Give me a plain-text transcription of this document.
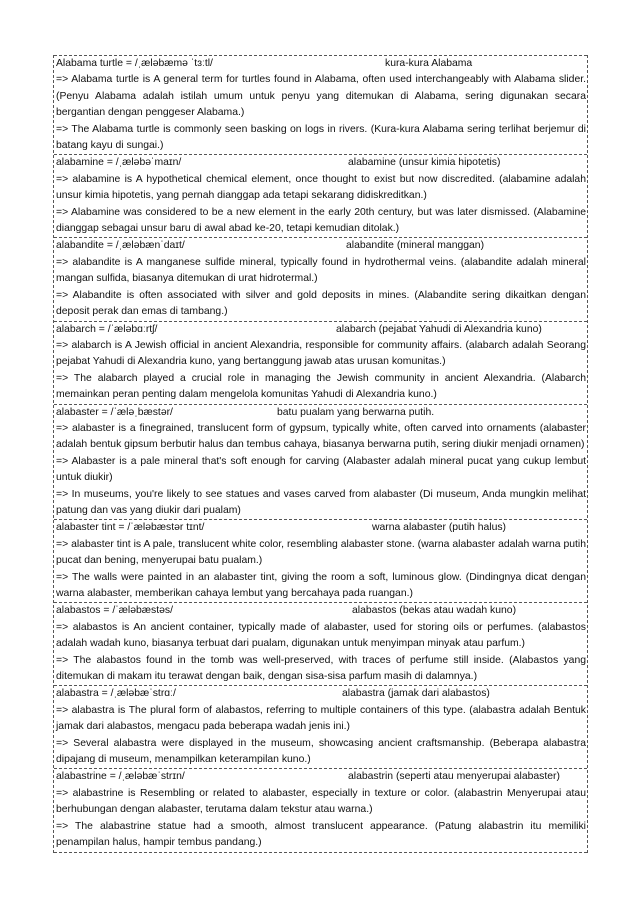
Alabama turtle = /ˌæləbæmə ˈtɜːtl/	kura-kura Alabama
=> Alabama turtle is A general term for turtles found in Alabama, often used interchangeably with Alabama slider. (Penyu Alabama adalah istilah umum untuk penyu yang ditemukan di Alabama, sering digunakan secara bergantian dengan penggeser Alabama.)
=> The Alabama turtle is commonly seen basking on logs in rivers. (Kura-kura Alabama sering terlihat berjemur di batang kayu di sungai.)
alabamine = /ˌæləbəˈmaɪn/	alabamine (unsur kimia hipotetis)
=> alabamine is A hypothetical chemical element, once thought to exist but now discredited. (alabamine adalah unsur kimia hipotetis, yang pernah dianggap ada tetapi sekarang didiskreditkan.)
=> Alabamine was considered to be a new element in the early 20th century, but was later dismissed. (Alabamine dianggap sebagai unsur baru di awal abad ke-20, tetapi kemudian ditolak.)
alabandite = /ˌæləbænˈdaɪt/	alabandite (mineral manggan)
=> alabandite is A manganese sulfide mineral, typically found in hydrothermal veins. (alabandite adalah mineral mangan sulfida, biasanya ditemukan di urat hidrotermal.)
=> Alabandite is often associated with silver and gold deposits in mines. (Alabandite sering dikaitkan dengan deposit perak dan emas di tambang.)
alabarch = /ˈæləbɑːrtʃ/	alabarch (pejabat Yahudi di Alexandria kuno)
=> alabarch is A Jewish official in ancient Alexandria, responsible for community affairs. (alabarch adalah Seorang pejabat Yahudi di Alexandria kuno, yang bertanggung jawab atas urusan komunitas.)
=> The alabarch played a crucial role in managing the Jewish community in ancient Alexandria. (Alabarch memainkan peran penting dalam mengelola komunitas Yahudi di Alexandria kuno.)
alabaster = /ˈæləˌbæstər/	batu pualam yang berwarna putih.
=> alabaster is a finegrained, translucent form of gypsum, typically white, often carved into ornaments (alabaster adalah bentuk gipsum berbutir halus dan tembus cahaya, biasanya berwarna putih, sering diukir menjadi ornamen)
=> Alabaster is a pale mineral that's soft enough for carving (Alabaster adalah mineral pucat yang cukup lembut untuk diukir)
=> In museums, you're likely to see statues and vases carved from alabaster (Di museum, Anda mungkin melihat patung dan vas yang diukir dari pualam)
alabaster tint = /ˈæləbæstər tɪnt/	warna alabaster (putih halus)
=> alabaster tint is A pale, translucent white color, resembling alabaster stone. (warna alabaster adalah warna putih pucat dan bening, menyerupai batu pualam.)
=> The walls were painted in an alabaster tint, giving the room a soft, luminous glow. (Dindingnya dicat dengan warna alabaster, memberikan cahaya lembut yang bercahaya pada ruangan.)
alabastos = /ˈæləbæstəs/	alabastos (bekas atau wadah kuno)
=> alabastos is An ancient container, typically made of alabaster, used for storing oils or perfumes. (alabastos adalah wadah kuno, biasanya terbuat dari pualam, digunakan untuk menyimpan minyak atau parfum.)
=> The alabastos found in the tomb was well-preserved, with traces of perfume still inside. (Alabastos yang ditemukan di makam itu terawat dengan baik, dengan sisa-sisa parfum masih di dalamnya.)
alabastra = /ˌæləbæˈstrɑː/	alabastra (jamak dari alabastos)
=> alabastra is The plural form of alabastos, referring to multiple containers of this type. (alabastra adalah Bentuk jamak dari alabastos, mengacu pada beberapa wadah jenis ini.)
=> Several alabastra were displayed in the museum, showcasing ancient craftsmanship. (Beberapa alabastra dipajang di museum, menampilkan keterampilan kuno.)
alabastrine = /ˌæləbæˈstrɪn/	alabastrin (seperti atau menyerupai alabaster)
=> alabastrine is Resembling or related to alabaster, especially in texture or color. (alabastrin Menyerupai atau berhubungan dengan alabaster, terutama dalam tekstur atau warna.)
=> The alabastrine statue had a smooth, almost translucent appearance. (Patung alabastrin itu memiliki penampilan halus, hampir tembus pandang.)
